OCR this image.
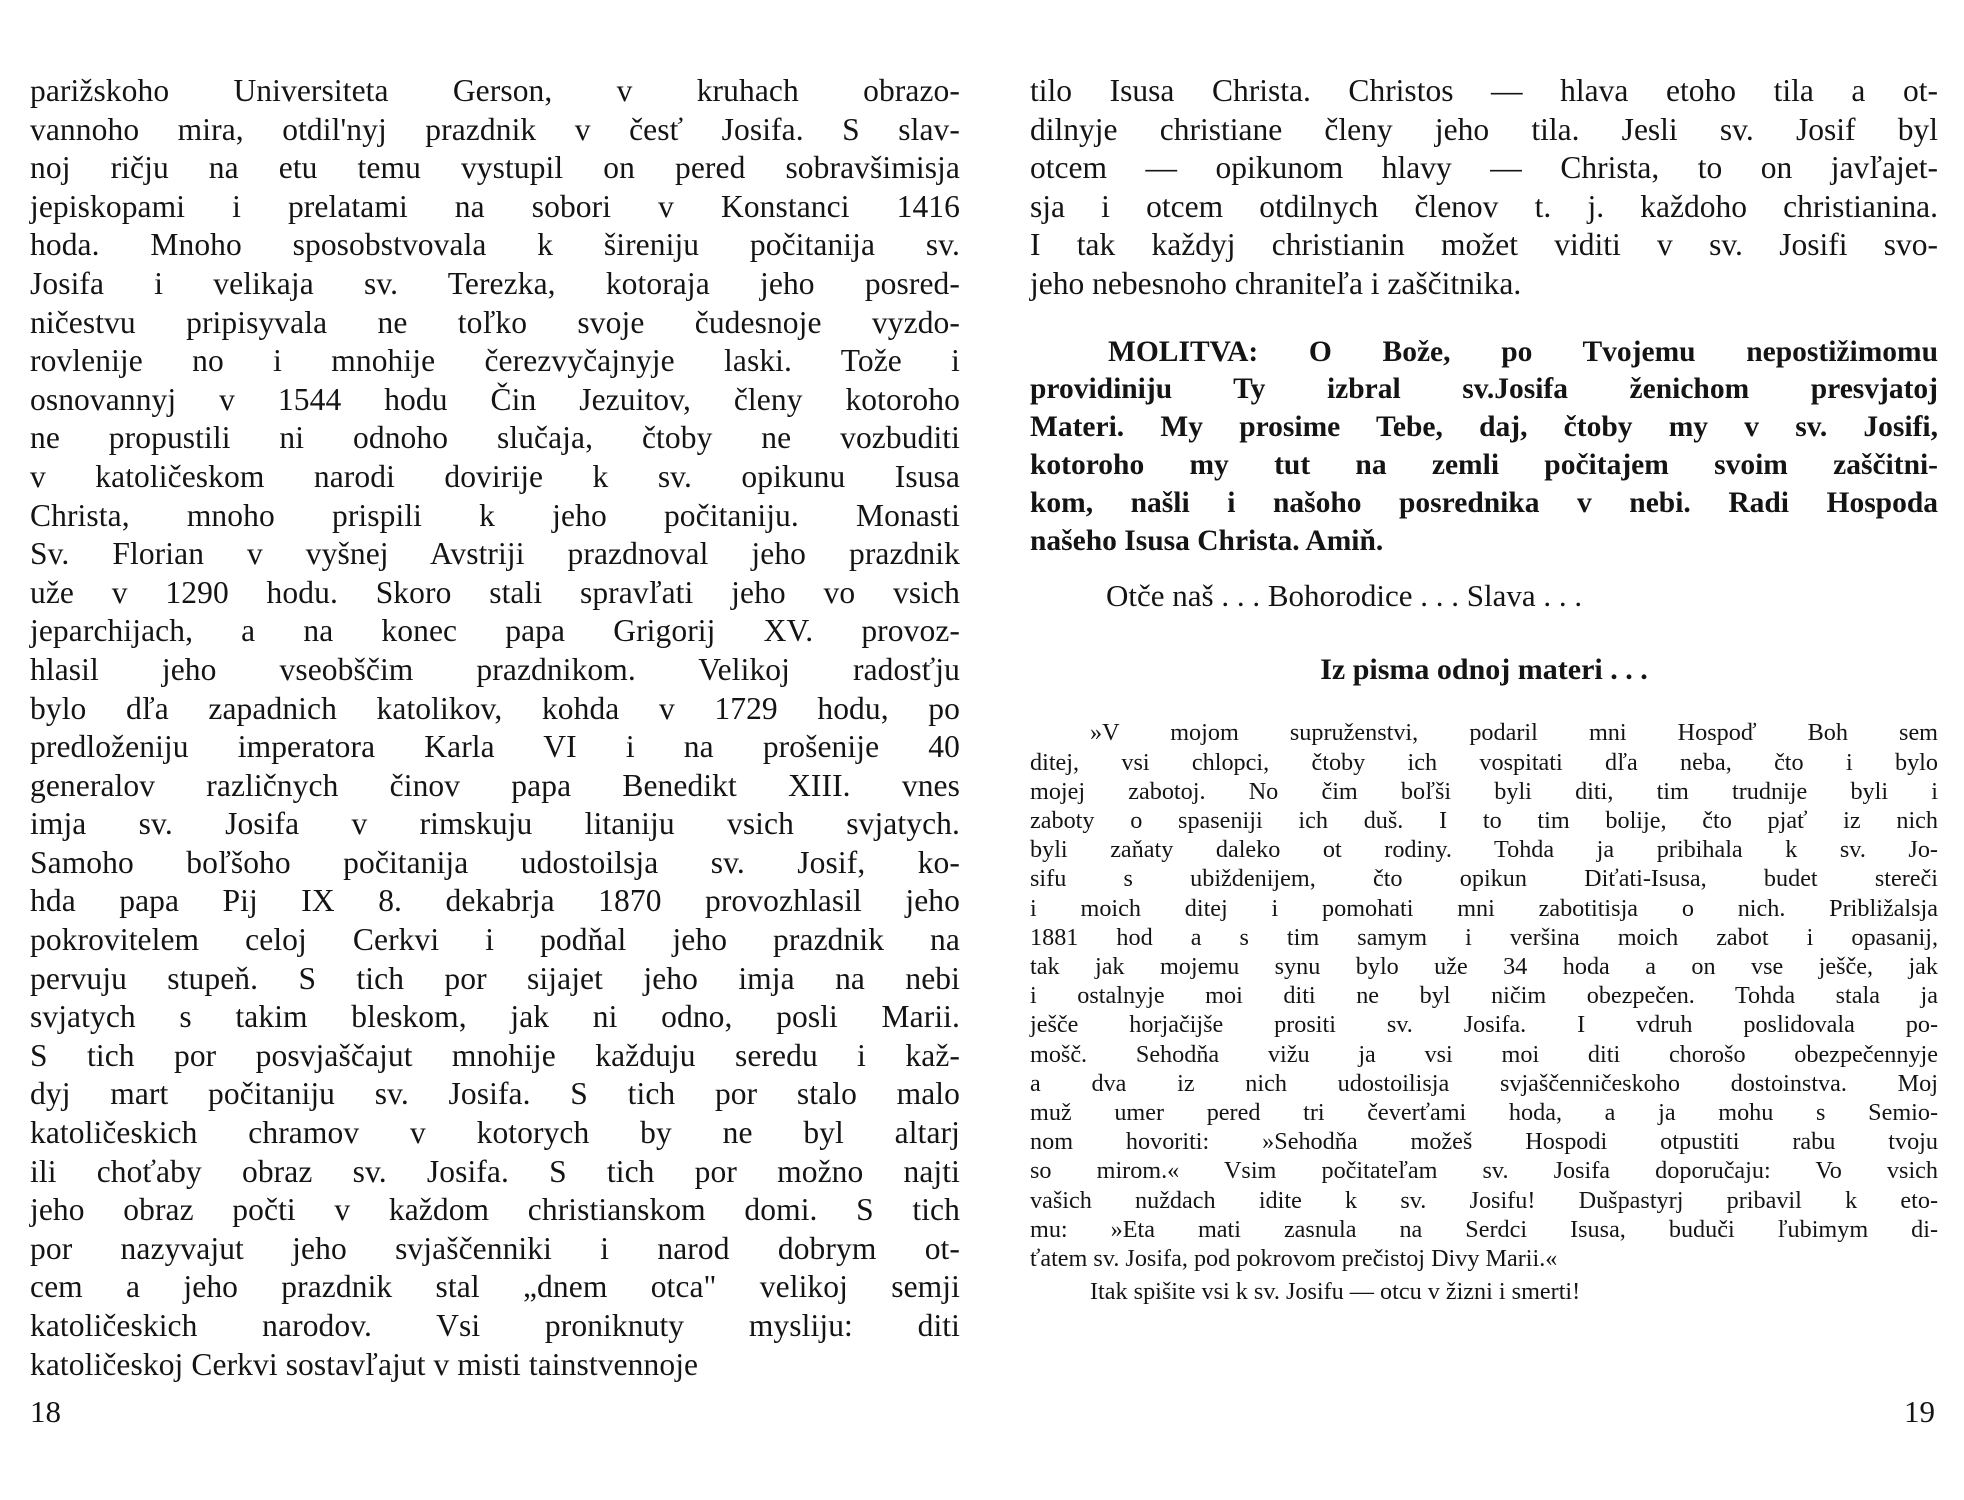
parižskoho Universiteta Gerson, v kruhach obrazo-
vannoho mira, otdil'nyj prazdnik v česť Josifa. S slav-
noj ričju na etu temu vystupil on pered sobravšimisja
jepiskopami i prelatami na sobori v Konstanci 1416
hoda. Mnoho sposobstvovala k šireniju počitanija sv.
Josifa i velikaja sv. Terezka, kotoraja jeho posred-
ničestvu pripisyvala ne toľko svoje čudesnoje vyzdo-
rovlenije no i mnohije čerezvyčajnyje laski. Tože i
osnovannyj v 1544 hodu Čin Jezuitov, členy kotoroho
ne propustili ni odnoho slučaja, čtoby ne vozbuditi
v katoličeskom narodi dovirije k sv. opikunu Isusa
Christa, mnoho prispili k jeho počitaniju. Monasti
Sv. Florian v vyšnej Avstriji prazdnoval jeho prazdnik
uže v 1290 hodu. Skoro stali spravľati jeho vo vsich
jeparchijach, a na konec papa Grigorij XV. provoz-
hlasil jeho vseobščim prazdnikom. Velikoj radosťju
bylo dľa zapadnich katolikov, kohda v 1729 hodu, po
predloženiju imperatora Karla VI i na prošenije 40
generalov različnych činov papa Benedikt XIII. vnes
imja sv. Josifa v rimskuju litaniju vsich svjatych.
Samoho boľšoho počitanija udostoilsja sv. Josif, ko-
hda papa Pij IX 8. dekabrja 1870 provozhlasil jeho
pokrovitelem celoj Cerkvi i podňal jeho prazdnik na
pervuju stupeň. S tich por sijajet jeho imja na nebi
svjatych s takim bleskom, jak ni odno, posli Marii.
S tich por posvjaščajut mnohije každuju seredu i kaž-
dyj mart počitaniju sv. Josifa. S tich por stalo malo
katoličeskich chramov v kotorych by ne byl altarj
ili choťaby obraz sv. Josifa. S tich por možno najti
jeho obraz počti v každom christianskom domi. S tich
por nazyvajut jeho svjaščenniki i narod dobrym ot-
cem a jeho prazdnik stal „dnem otca" velikoj semji
katoličeskich narodov. Vsi proniknuty mysliju: diti
katoličeskoj Cerkvi sostavľajut v misti tainstvennoje
tilo Isusa Christa. Christos — hlava etoho tila a ot-
dilnyje christiane členy jeho tila. Jesli sv. Josif byl
otcem — opikunom hlavy — Christa, to on javľajet-
sja i otcem otdilnych členov t. j. každoho christianina.
I tak každyj christianin možet viditi v sv. Josifi svo-
jeho nebesnoho chraniteľa i zaščitnika.
MOLITVA: O Bože, po Tvojemu nepostižimomu
providiniju Ty izbral sv.Josifa ženichom presvjatoj
Materi. My prosime Tebe, daj, čtoby my v sv. Josifi,
kotoroho my tut na zemli počitajem svoim zaščitni-
kom, našli i našoho posrednika v nebi. Radi Hospoda
našeho Isusa Christa. Amiň.
Otče naš . . . Bohorodice . . . Slava . . .
Iz pisma odnoj materi . . .
»V mojom supruženstvi, podaril mni Hospoď Boh sem
ditej, vsi chlopci, čtoby ich vospitati dľa neba, čto i bylo
mojej zabotoj. No čim boľši byli diti, tim trudnije byli i
zaboty o spaseniji ich duš. I to tim bolije, čto pjať iz nich
byli zaňaty daleko ot rodiny. Tohda ja pribihala k sv. Jo-
sifu s ubiždenijem, čto opikun Diťati-Isusa, budet stereči
i moich ditej i pomohati mni zabotitisja o nich. Približalsja
1881 hod a s tim samym i veršina moich zabot i opasanij,
tak jak mojemu synu bylo uže 34 hoda a on vse ješče, jak
i ostalnyje moi diti ne byl ničim obezpečen. Tohda stala ja
ješče horjačijše prositi sv. Josifa. I vdruh poslidovala po-
mošč. Sehodňa vižu ja vsi moi diti chorošo obezpečennyje
a dva iz nich udostoilisja svjaščenničeskoho dostoinstva. Moj
muž umer pered tri čeverťami hoda, a ja mohu s Semio-
nom hovoriti: »Sehodňa možeš Hospodi otpustiti rabu tvoju
so mirom.« Vsim počitateľam sv. Josifa doporučaju: Vo vsich
vašich nuždach idite k sv. Josifu! Dušpastyrj pribavil k eto-
mu: »Eta mati zasnula na Serdci Isusa, buduči ľubimym di-
ťatem sv. Josifa, pod pokrovom prečistoj Divy Marii.«
Itak spišite vsi k sv. Josifu — otcu v žizni i smerti!
18	19
